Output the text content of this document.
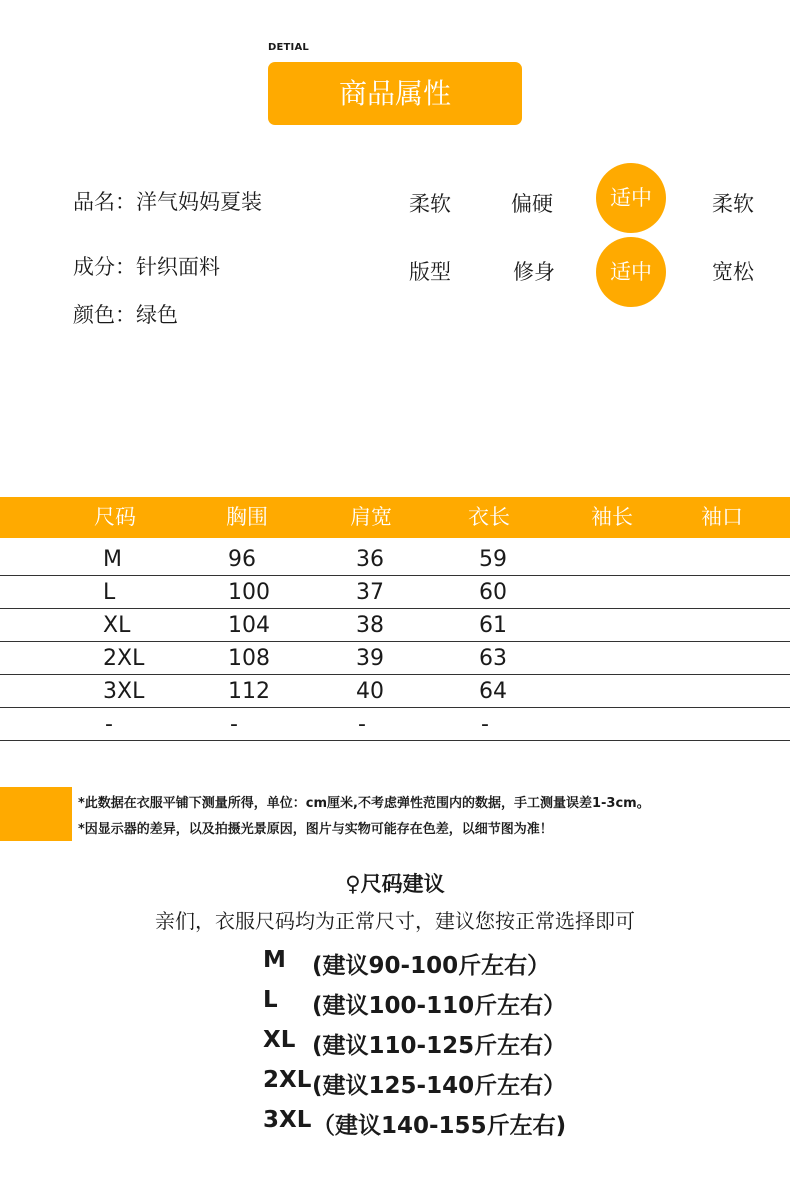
DETIAL
商品属性
品名：洋气妈妈夏装
成分：针织面料
颜色：绿色
柔软	偏硬	适中	柔软
版型	修身	适中	宽松
尺码	胸围	肩宽	衣长	袖长	袖口
M	96	36	59
L	100	37	60
XL	104	38	61
2XL	108	39	63
3XL	112	40	64
-	-	-	-
*此数据在衣服平铺下测量所得，单位：cm厘米,不考虑弹性范围内的数据，手工测量误差1-3cm。
*因显示器的差异，以及拍摄光景原因，图片与实物可能存在色差，以细节图为准！
♀尺码建议
亲们，衣服尺码均为正常尺寸，建议您按正常选择即可
M (建议90-100斤左右）
L (建议100-110斤左右）
XL (建议110-125斤左右）
2XL (建议125-140斤左右）
3XL （建议140-155斤左右)
